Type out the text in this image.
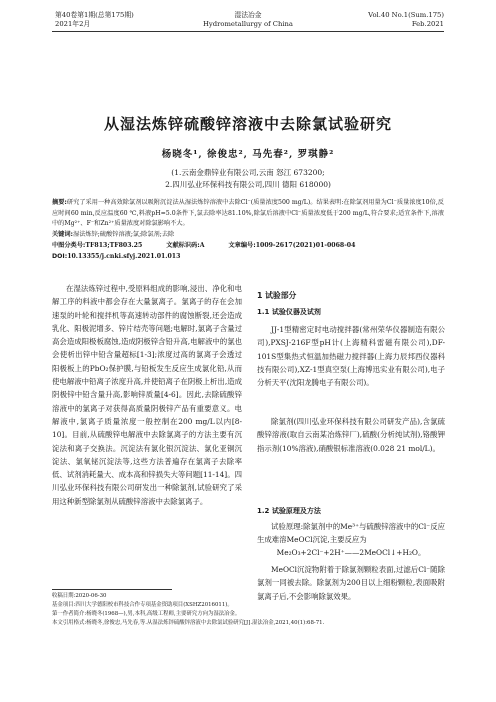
第40卷第1期(总第175期)
2021年2月
湿法冶金
Hydrometallurgy of China
Vol.40 No.1(Sum.175)
Feb.2021
从湿法炼锌硫酸锌溶液中去除氯试验研究
杨晓冬¹, 徐俊忠², 马先春², 罗琪静²
(1.云南金鼎锌业有限公司,云南 怒江 673200;
2.四川弘业环保科技有限公司,四川 德阳 618000)
摘要:研究了采用一种高效除氯剂以吸附沉淀法从湿法炼锌溶液中去除Cl⁻(质量浓度500 mg/L)。结果表明:在除氯剂用量为Cl⁻质量浓度10倍,反应时间60 min,反应温度60 ℃,料液pH=5.0条件下,氯去除率达81.10%,除氯后溶液中Cl⁻质量浓度低于200 mg/L,符合要求;适宜条件下,溶液中的Mg²⁺、F⁻和Zn²⁺质量浓度对除氯影响不大。
关键词:湿法炼锌;硫酸锌溶液;氯;除氯剂;去除
中图分类号:TF813;TF803.25	文献标识码:A	文章编号:1009-2617(2021)01-0068-04
DOI:10.13355/j.cnki.sfyj.2021.01.013
在湿法炼锌过程中,受原料组成的影响,浸出、净化和电解工序的料液中都会存在大量氯离子。氯离子的存在会加速泵的叶轮和搅拌机等高速转动部件的腐蚀断裂,还会造成乳化、阳极泥增多、锌片结壳等问题;电解时,氯离子含量过高会造成阳极板腐蚀,造成阴极锌含铅升高,电解液中的氯也会使析出锌中铅含量超标[1-3];浓度过高的氯离子会透过阳极板上的PbO₂保护膜,与铅板发生反应生成氯化铅,从而使电解液中铅离子浓度升高,并使铅离子在阴极上析出,造成阴极锌中铅含量升高,影响锌质量[4-6]。因此,去除硫酸锌溶液中的氯离子对获得高质量阴极锌产品有重要意义。电解液中,氯离子质量浓度一般控制在200 mg/L以内[8-10]。目前,从硫酸锌电解液中去除氯离子的方法主要有沉淀法和离子交换法。沉淀法有氯化银沉淀法、氯化亚铜沉淀法、氯氧铋沉淀法等,这些方法普遍存在氯离子去除率低、试剂消耗量大、成本高和锌损失大等问题[11-14]。四川弘业环保科技有限公司研发出一种除氯剂,试验研究了采用这种新型除氯剂从硫酸锌溶液中去除氯离子。
1 试验部分
1.1 试验仪器及试剂
JJ-1型精密定时电动搅拌器(常州荣华仪器制造有限公司),PXSJ-216F型pH计(上海精科雷磁有限公司),DF-101S型集热式恒温加热磁力搅拌器(上海力辰邦西仪器科技有限公司),XZ-1型真空泵(上海博迅实业有限公司),电子分析天平(沈阳龙腾电子有限公司)。
除氯剂(四川弘业环保科技有限公司研发产品),含氯硫酸锌溶液(取自云南某冶炼锌厂),硫酸(分析纯试剂),铬酸钾指示剂(10%溶液),硝酸银标准溶液(0.028 21 mol/L)。
1.2 试验原理及方法
试验原理:除氯剂中的Me³⁺与硫酸锌溶液中的Cl⁻反应生成难溶MeOCl沉淀,主要反应为
Me₂O₃+2Cl⁻+2H⁺——2MeOCl↓+H₂O。
MeOCl沉淀物附着于除氯剂颗粒表面,过滤后Cl⁻随除氯剂一同被去除。除氯剂为200目以上细粉颗粒,表面吸附氯离子后,不会影响除氯效果。
收稿日期:2020-06-30
基金项目:四川大学德阳校市科技合作专项基金资助项目(XSHZ2016011)。
第一作者简介:杨晓冬(1968—),男,本科,高级工程师,主要研究方向为湿法冶金。
本文引用格式:杨晓冬,徐俊忠,马先春,等.从湿法炼锌硫酸锌溶液中去除氯试验研究[J].湿法冶金,2021,40(1):68-71.
